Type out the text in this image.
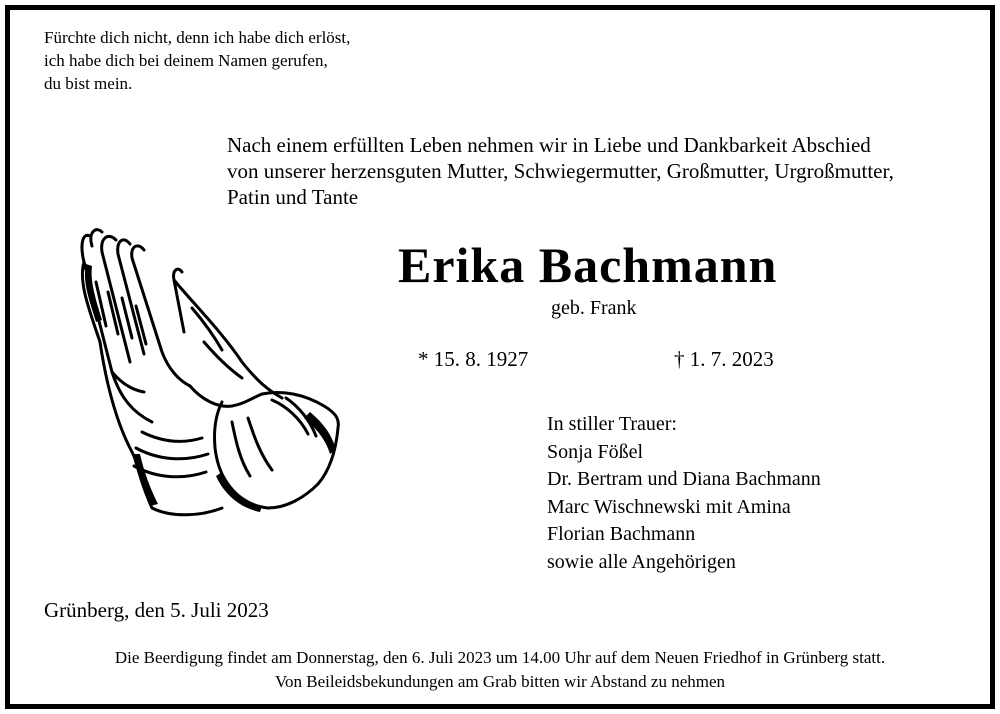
Fürchte dich nicht, denn ich habe dich erlöst,
ich habe dich bei deinem Namen gerufen,
du bist mein.
Nach einem erfüllten Leben nehmen wir in Liebe und Dankbarkeit Abschied
von unserer herzensguten Mutter, Schwiegermutter, Großmutter, Urgroßmutter,
Patin und Tante
Erika Bachmann
geb. Frank
* 15. 8. 1927	† 1. 7. 2023
In stiller Trauer:
Sonja Fößel
Dr. Bertram und Diana Bachmann
Marc Wischnewski mit Amina
Florian Bachmann
sowie alle Angehörigen
Grünberg, den 5. Juli 2023
Die Beerdigung findet am Donnerstag, den 6. Juli 2023 um 14.00 Uhr auf dem Neuen Friedhof in Grünberg statt.
Von Beileidsbekundungen am Grab bitten wir Abstand zu nehmen
